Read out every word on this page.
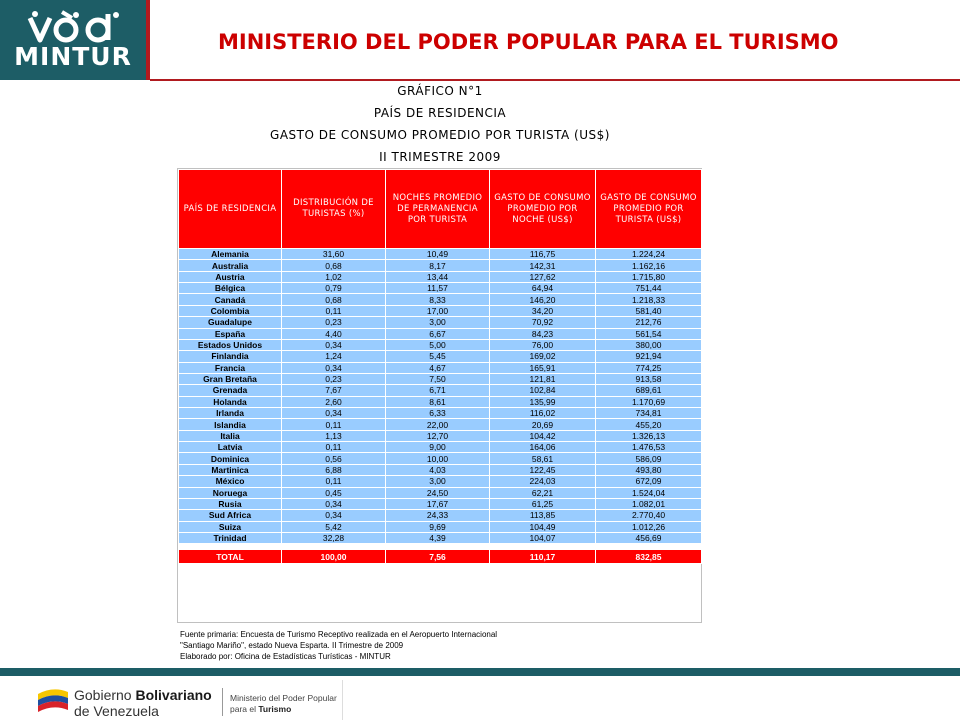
MINTUR	MINISTERIO DEL PODER POPULAR PARA EL TURISMO
GRÁFICO N°1
PAÍS DE RESIDENCIA
GASTO DE CONSUMO PROMEDIO POR TURISTA (US$)
II TRIMESTRE 2009
PAÍS DE RESIDENCIA	DISTRIBUCIÓN DE TURISTAS (%)	NOCHES PROMEDIO DE PERMANENCIA POR TURISTA	GASTO DE CONSUMO PROMEDIO POR NOCHE (US$)	GASTO DE CONSUMO PROMEDIO POR TURISTA (US$)
Alemania	31,60	10,49	116,75	1.224,24
Australia	0,68	8,17	142,31	1.162,16
Austria	1,02	13,44	127,62	1.715,80
Bélgica	0,79	11,57	64,94	751,44
Canadá	0,68	8,33	146,20	1.218,33
Colombia	0,11	17,00	34,20	581,40
Guadalupe	0,23	3,00	70,92	212,76
España	4,40	6,67	84,23	561,54
Estados Unidos	0,34	5,00	76,00	380,00
Finlandia	1,24	5,45	169,02	921,94
Francia	0,34	4,67	165,91	774,25
Gran Bretaña	0,23	7,50	121,81	913,58
Grenada	7,67	6,71	102,84	689,61
Holanda	2,60	8,61	135,99	1.170,69
Irlanda	0,34	6,33	116,02	734,81
Islandia	0,11	22,00	20,69	455,20
Italia	1,13	12,70	104,42	1.326,13
Latvia	0,11	9,00	164,06	1.476,53
Dominica	0,56	10,00	58,61	586,09
Martinica	6,88	4,03	122,45	493,80
México	0,11	3,00	224,03	672,09
Noruega	0,45	24,50	62,21	1.524,04
Rusia	0,34	17,67	61,25	1.082,01
Sud Africa	0,34	24,33	113,85	2.770,40
Suiza	5,42	9,69	104,49	1.012,26
Trinidad	32,28	4,39	104,07	456,69

TOTAL	100,00	7,56	110,17	832,85
Fuente primaria: Encuesta de Turismo Receptivo realizada en el Aeropuerto Internacional
"Santiago Mariño", estado Nueva Esparta. II Trimestre de 2009
Elaborado por: Oficina de Estadísticas Turísticas - MINTUR
Gobierno Bolivariano
de Venezuela
Ministerio del Poder Popular
para el Turismo
